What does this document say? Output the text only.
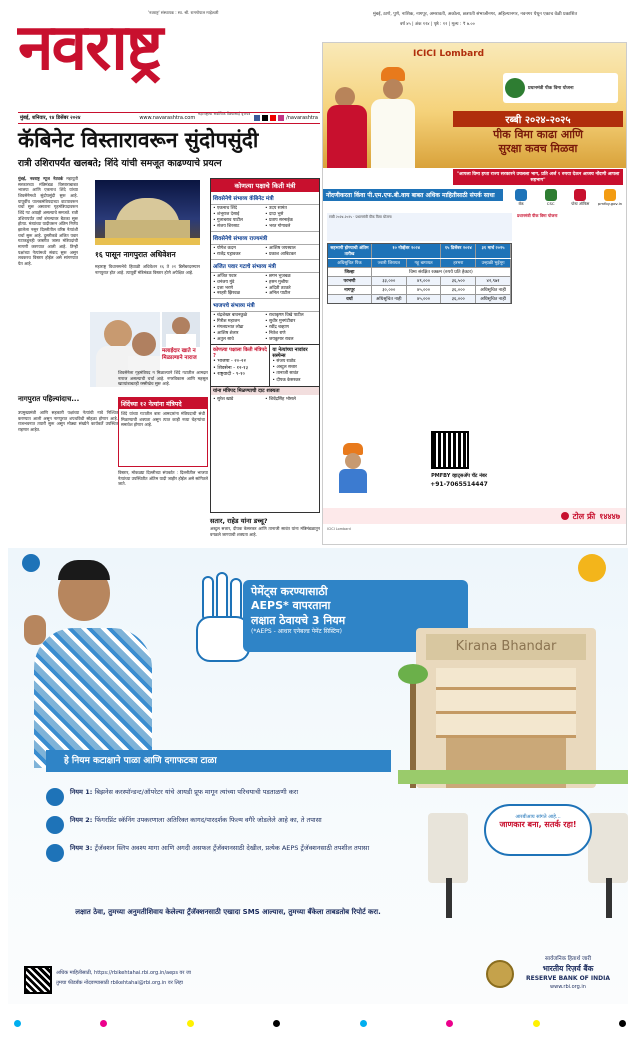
'नवराष्ट्र' संस्थापक : स्व. श्री. रामगोपाल माहेश्वरी
नवराष्ट्र
महाराष्ट्राचा सर्वाधिक विश्वासार्ह वृत्तपत्र
मुंबई, ठाणे, पुणे, नाशिक, नागपूर, अमरावती, अकोला, छत्रपती संभाजीनगर, अहिल्यानगर, नवनगर येथून एकाच वेळी प्रकाशित
वर्ष ४५ | अंक १२४ | पृष्ठे : १२ | मूल्य : ₹ ७.००
मुंबई, शनिवार, १४ डिसेंबर २०२४	www.navarashtra.com	/navarashtra
कॅबिनेट विस्तारावरून सुंदोपसुंदी
रात्री उशिरापर्यंत खलबते; शिंदे यांची समजूत काढण्याचे प्रयत्न
मुंबई, नवराष्ट्र न्यूज नेटवर्क महायुती सरकारच्या मंत्रिमंडळ विस्ताराबाबत भाजपा आणि एकनाथ शिंदे यांच्या शिवसेनेमध्ये सुंदोपसुंदी सुरू आहे. यापूर्वीच पालकमंत्रिपदाच्या वाटपावरून चर्चा सुरू असताना गृहमंत्रिपदावरून शिंदे गट आग्रही असल्याचे समजते. रात्री उशिरापर्यंत वर्षा बंगल्यावर बैठका सुरू होत्या. मंत्र्यांच्या यादीवरून अंतिम निर्णय झालेला नसून दिल्लीतील वरिष्ठ नेत्यांशी चर्चा सुरू आहे. दुसरीकडे अजित पवार गटाकडूनही जास्तीत जास्त मंत्रिपदांची मागणी करण्यात आली आहे. तिन्ही पक्षांच्या नेत्यांमध्ये संवाद सुरू असून लवकरच विस्तार होईल असे सांगण्यात येत आहे.
नागपुरात पहिल्यांदाच...
उपमुख्यमंत्री आणि सहकारी पक्षांच्या नेत्यांची नावे निश्चित करण्यात आली असून नागपुरात शपथविधी सोहळा होणार आहे. राजभवनात तयारी सुरू असून मोठ्या संख्येने कार्यकर्ते उपस्थित राहणार आहेत.
१६ पासून नागपुरात अधिवेशन
महाराष्ट्र विधानसभेचे हिवाळी अधिवेशन १६ ते २१ डिसेंबरदरम्यान नागपुरात होत आहे. त्यापूर्वी मंत्रिमंडळ विस्तार होणे अपेक्षित आहे.
मलाईदार खाते न मिळाल्याने नाराज
शिवसेनेला गृहमंत्रिपद न मिळाल्याने शिंदे गटातील आमदार नाराज असल्याची चर्चा आहे. नगरविकास आणि महसूल खात्यांबाबतही रस्सीखेच सुरू आहे.
शिंदेंच्या १२ नेत्यांना मंत्रिपदे
शिंदे यांच्या गटातील बारा आमदारांना मंत्रिपदाची संधी मिळण्याची शक्यता असून त्यात काही नव्या चेहऱ्यांचा समावेश होणार आहे.
विस्तार, मोकळ्या दिल्लीच्या संपर्कात : दिल्लीतील भाजपा नेत्यांच्या उपस्थितीत अंतिम यादी जाहीर होईल असे सांगितले जाते.
कोणत्या पक्षाचे किती मंत्री
शिवसेनेचे संभाव्य कॅबिनेट मंत्री
• एकनाथ शिंदे	• उदय सामंत
• शंभूराज देसाई	• दादा भुसे
• गुलाबराव पाटील	• प्रताप सरनाईक
• संजय शिरसाट	• भरत गोगावले
शिवसेनेचे संभाव्य राज्यमंत्री
• योगेश कदम	• आशिष जयस्वाल
• राजेंद्र यड्रावकर	• प्रकाश आबिटकर
अजित पवार गटाचे संभाव्य मंत्री
• अजित पवार	• छगन भुजबळ
• धनंजय मुंडे	• हसन मुश्रीफ
• दत्ता भरणे	• अदिती तटकरे
• नरहरी झिरवळ	• अनिल पाटील
भाजपचे संभाव्य मंत्री
• चंद्रशेखर बावनकुळे	• राधाकृष्ण विखे पाटील
• गिरीश महाजन	• सुधीर मुनगंटीवार
• मंगलप्रभात लोढा	• रवींद्र चव्हाण
• आशिष शेलार	• नितेश राणे
• अतुल सावे	• जयकुमार रावल
कोणत्या पक्षाला किती मंत्रिपदे ?
• भाजपा - २०-२२
• शिवसेना - १२-१३
• राष्ट्रवादी - ९-१०
या नेत्यांच्या नावांवर सस्पेन्स
• संजय राठोड
• अब्दुल सत्तार
• तानाजी सावंत
• दीपक केसरकर
यांना मंत्रिपद मिळण्याची दाट शक्यता
• सुरेश खाडे	• शिवेंद्रसिंह भोसले
सतार, राहेड यांना डच्चू?
अब्दुल सत्तार, दीपक केसरकर आणि तानाजी सावंत यांना मंत्रिमंडळातून वगळले जाण्याची शक्यता आहे.
ICICI Lombard
प्रधानमंत्री पीक विमा योजना
रब्बी २०२४-२०२५
पीक विमा काढा आणि
सुरक्षा कवच मिळवा
"आपला विमा हप्ता राज्य सरकारने उचलला भाग, प्रति अर्ज १ रुपया देऊन आजच नोंदणी आपला सहभाग"
नोंदणीकरता किंवा पी.एम.एफ.बी.वाय बाबत अधिक माहितीसाठी संपर्क साधा
बँक	CSC	पोस्ट ऑफिस pmfby.gov.in
रब्बी २०२४-२०२५ · प्रधानमंत्री पीक विमा योजना
सहभागी होण्याची अंतिम तारीख
१० नोव्हेंबर २०२४	१५ डिसेंबर २०२४	३१ मार्च २०२५
अधिसूचित पिक	ज्वारी जिरायत	गहू बागायत	हरभरा	उन्हाळी भुईमूग
जिल्हा	विमा संरक्षित रक्कम (रुपये प्रति हेक्टर)
परभणी	३३,०००	४९,०००	३६,५००	४२,९७१
नागपूर	३०,०००	४५,०००	३६,०००	अधिसूचित नाही
वर्धा	अधिसूचित नाही	४५,०००	३६,०००	अधिसूचित नाही
प्रधानमंत्री पीक विमा योजना
PMFBY व्हाट्सअ‍ॅप चॅट नंबर
+91-7065514447
टोल फ्री १४४४७
ICICI Lombard
पेमेंट्स करण्यासाठी
AEPS* वापरताना
लक्षात ठेवायचे 3 नियम
(*AEPS - आधार एनेबल्ड पेमेंट सिस्टिम)
Kirana Bhandar
हे नियम कटाक्षाने पाळा आणि दगाफटका टाळा
नियम 1: बिझनेस करस्पॉन्डन्ट/ऑपरेटर यांचे आयडी प्रूफ मागून त्यांच्या परिचयाची पडताळणी करा
नियम 2: फिंगरप्रिंट स्कॅनिंग उपकरणाला अतिरिक्त कागद/पारदर्शक फिल्म वगैरे जोडलेले आहे का, ते तपासा
नियम 3: ट्रँजॅक्शन स्लिप अवश्य मागा आणि अगदी असफल ट्रँजॅक्शनसाठी देखील, प्रत्येक AEPS ट्रँजॅक्शनसाठी तपशील तपासा
आरबीआय सांगते आहे...
जाणकार बना, सतर्क रहा!
लक्षात ठेवा, तुमच्या अनुमतीशिवाय केलेल्या ट्रँजॅक्शनसाठी एखादा SMS आल्यास, तुमच्या बँकेला ताबडतोब रिपोर्ट करा.
अधिक माहितीसाठी, https://rbikehtahai.rbi.org.in/aeps वर जा
तुमचा फीडबॅक नोंदवण्यासाठी rbikehtahai@rbi.org.in वर लिहा
सार्वजनिक हितार्थ जारी
भारतीय रिज़र्व बैंक
RESERVE BANK OF INDIA
www.rbi.org.in
